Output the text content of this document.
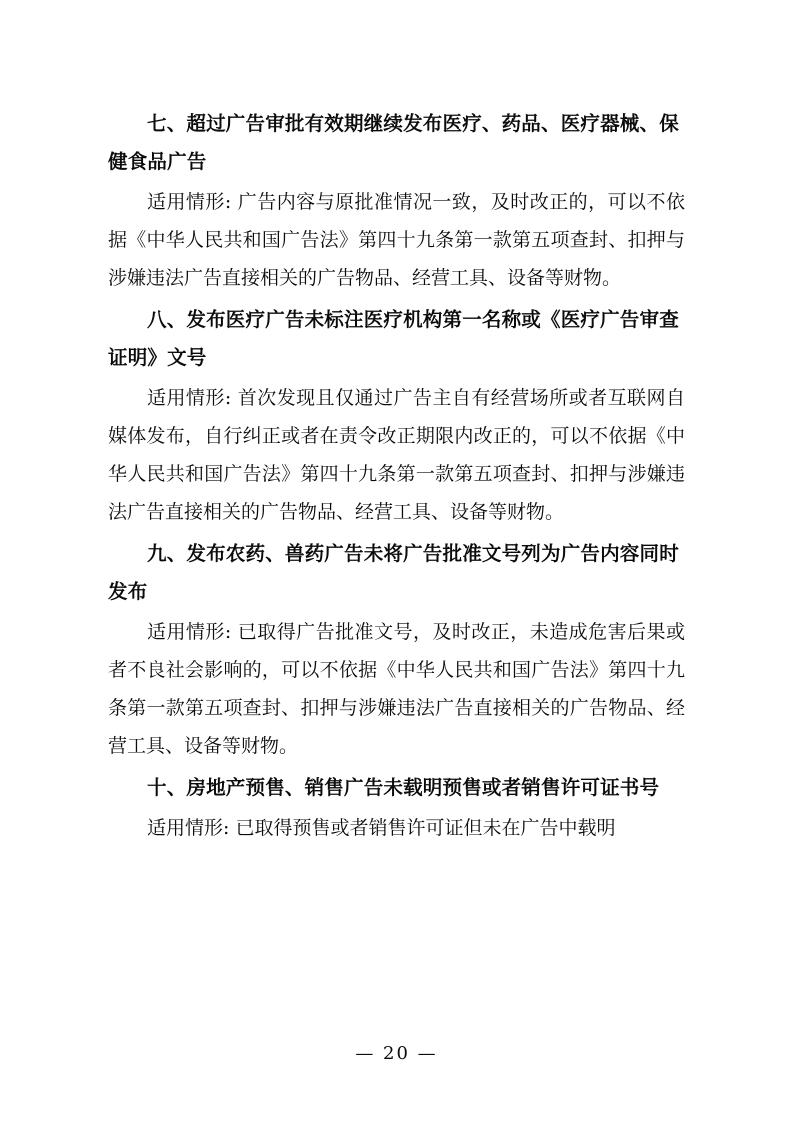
七、超过广告审批有效期继续发布医疗、药品、医疗器械、保健食品广告
适用情形: 广告内容与原批准情况一致，及时改正的，可以不依据《中华人民共和国广告法》第四十九条第一款第五项查封、扣押与涉嫌违法广告直接相关的广告物品、经营工具、设备等财物。
八、发布医疗广告未标注医疗机构第一名称或《医疗广告审查证明》文号
适用情形: 首次发现且仅通过广告主自有经营场所或者互联网自媒体发布，自行纠正或者在责令改正期限内改正的，可以不依据《中华人民共和国广告法》第四十九条第一款第五项查封、扣押与涉嫌违法广告直接相关的广告物品、经营工具、设备等财物。
九、发布农药、兽药广告未将广告批准文号列为广告内容同时发布
适用情形: 已取得广告批准文号，及时改正，未造成危害后果或者不良社会影响的，可以不依据《中华人民共和国广告法》第四十九条第一款第五项查封、扣押与涉嫌违法广告直接相关的广告物品、经营工具、设备等财物。
十、房地产预售、销售广告未载明预售或者销售许可证书号
适用情形: 已取得预售或者销售许可证但未在广告中载明
— 20 —
